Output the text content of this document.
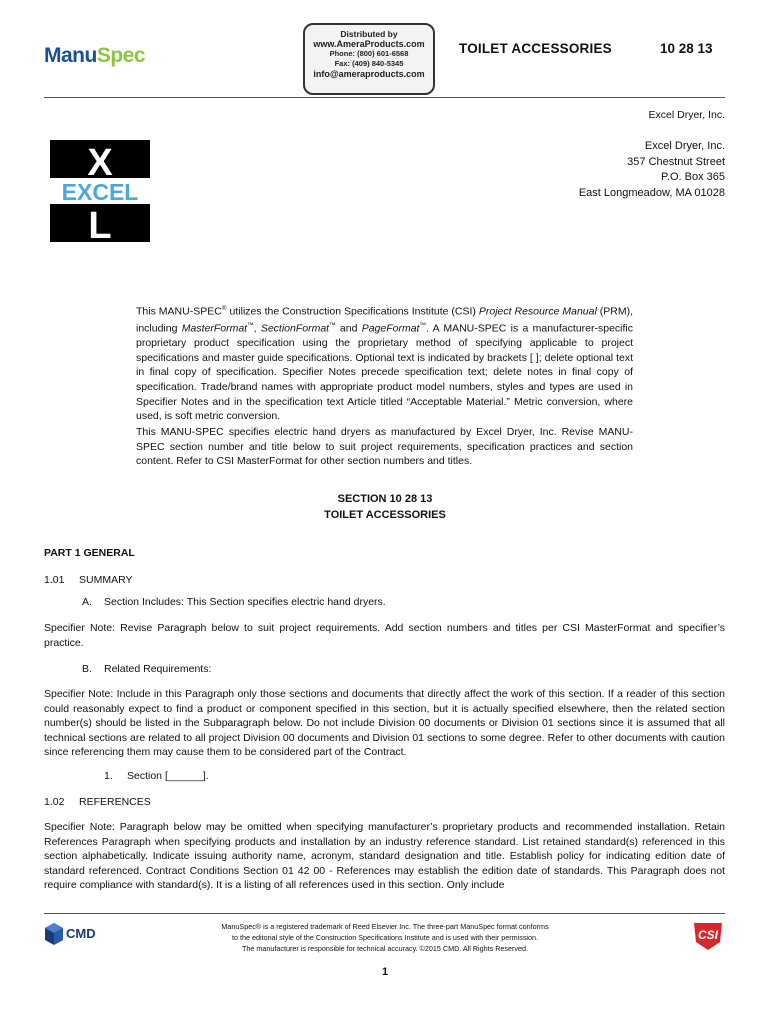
ManuSpec
Distributed by
www.AmeraProducts.com
Phone: (800) 601-6568
Fax: (409) 840-5345
info@ameraproducts.com
TOILET ACCESSORIES	10 28 13
Excel Dryer, Inc.
Excel Dryer, Inc.
357 Chestnut Street
P.O. Box 365
East Longmeadow, MA 01028
X
EXCEL
L
This MANU-SPEC® utilizes the Construction Specifications Institute (CSI) Project Resource Manual (PRM), including MasterFormat™, SectionFormat™ and PageFormat™. A MANU-SPEC is a manufacturer-specific proprietary product specification using the proprietary method of specifying applicable to project specifications and master guide specifications. Optional text is indicated by brackets [ ]; delete optional text in final copy of specification. Specifier Notes precede specification text; delete notes in final copy of specification. Trade/brand names with appropriate product model numbers, styles and types are used in Specifier Notes and in the specification text Article titled “Acceptable Material.” Metric conversion, where used, is soft metric conversion.
This MANU-SPEC specifies electric hand dryers as manufactured by Excel Dryer, Inc. Revise MANU-SPEC section number and title below to suit project requirements, specification practices and section content. Refer to CSI MasterFormat for other section numbers and titles.
SECTION 10 28 13
TOILET ACCESSORIES
PART 1 GENERAL
1.01 SUMMARY
A. Section Includes: This Section specifies electric hand dryers.
Specifier Note: Revise Paragraph below to suit project requirements. Add section numbers and titles per CSI MasterFormat and specifier’s practice.
B. Related Requirements:
Specifier Note: Include in this Paragraph only those sections and documents that directly affect the work of this section. If a reader of this section could reasonably expect to find a product or component specified in this section, but it is actually specified elsewhere, then the related section number(s) should be listed in the Subparagraph below. Do not include Division 00 documents or Division 01 sections since it is assumed that all technical sections are related to all project Division 00 documents and Division 01 sections to some degree. Refer to other documents with caution since referencing them may cause them to be considered part of the Contract.
1. Section [______].
1.02 REFERENCES
Specifier Note: Paragraph below may be omitted when specifying manufacturer’s proprietary products and recommended installation. Retain References Paragraph when specifying products and installation by an industry reference standard. List retained standard(s) referenced in this section alphabetically. Indicate issuing authority name, acronym, standard designation and title. Establish policy for indicating edition date of standard referenced. Contract Conditions Section 01 42 00 - References may establish the edition date of standards. This Paragraph does not require compliance with standard(s). It is a listing of all references used in this section. Only include
CMD	ManuSpec® is a registered trademark of Reed Elsevier Inc. The three-part ManuSpec format conforms
to the editorial style of the Construction Specifications Institute and is used with their permission.
The manufacturer is responsible for technical accuracy. ©2015 CMD. All Rights Reserved.
CSI
1
